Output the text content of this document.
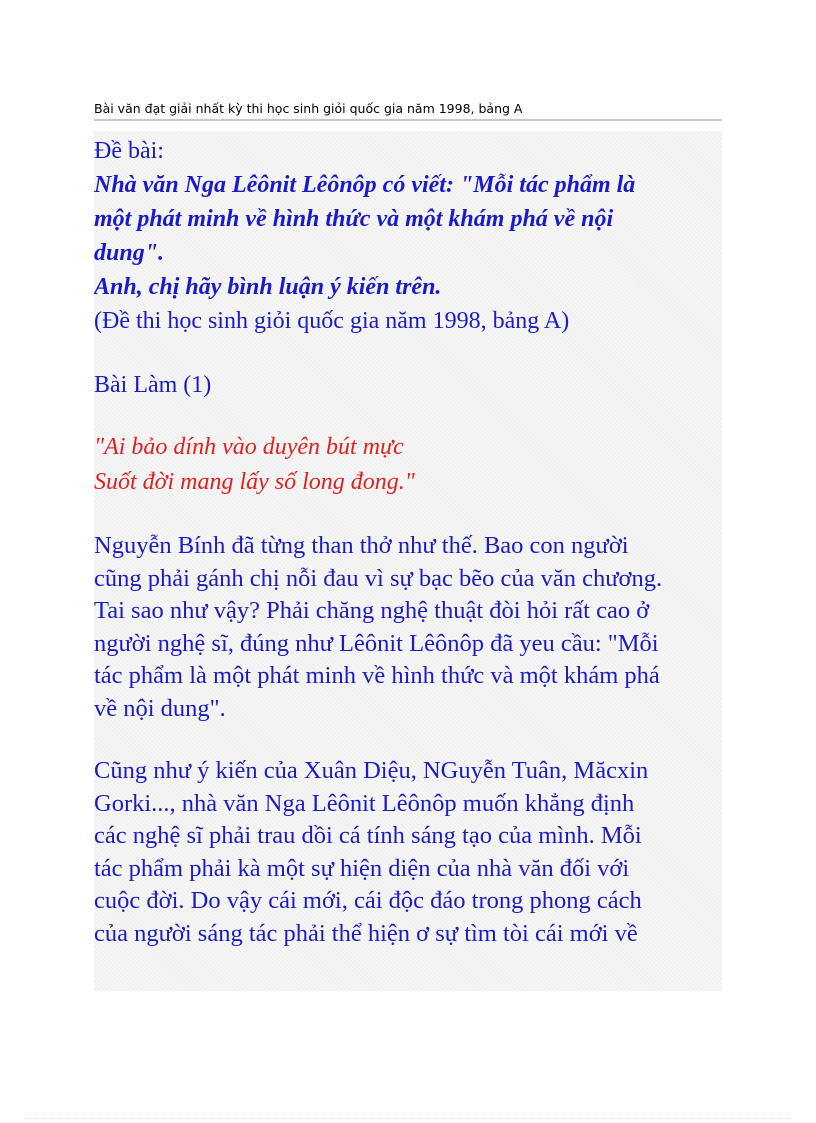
Bài văn đạt giải nhất kỳ thi học sinh giỏi quốc gia năm 1998, bảng A

Đề bài:

Nhà văn Nga Lêônit Lêônôp có viết: "Mỗi tác phẩm là

một phát minh về hình thức và một khám phá về nội

dung".

Anh, chị hãy bình luận ý kiến trên.

(Đề thi học sinh giỏi quốc gia năm 1998, bảng A)

Bài Làm (1)

"Ai bảo dính vào duyên bút mực

Suốt đời mang lấy số long đong."

Nguyễn Bính đã từng than thở như thế. Bao con người

cũng phải gánh chị nỗi đau vì sự bạc bẽo của văn chương.

Tai sao như vậy? Phải chăng nghệ thuật đòi hỏi rất cao ở

người nghệ sĩ, đúng như Lêônit Lêônôp đã yeu cầu: "Mỗi

tác phẩm là một phát minh về hình thức và một khám phá

về nội dung".

Cũng như ý kiến của Xuân Diệu, NGuyễn Tuân, Măcxin

Gorki..., nhà văn Nga Lêônit Lêônôp muốn khẳng định

các nghệ sĩ phải trau dồi cá tính sáng tạo của mình. Mỗi

tác phẩm phải kà một sự hiện diện của nhà văn đối với

cuộc đời. Do vậy cái mới, cái độc đáo trong phong cách

của người sáng tác phải thể hiện ơ sự tìm tòi cái mới về
